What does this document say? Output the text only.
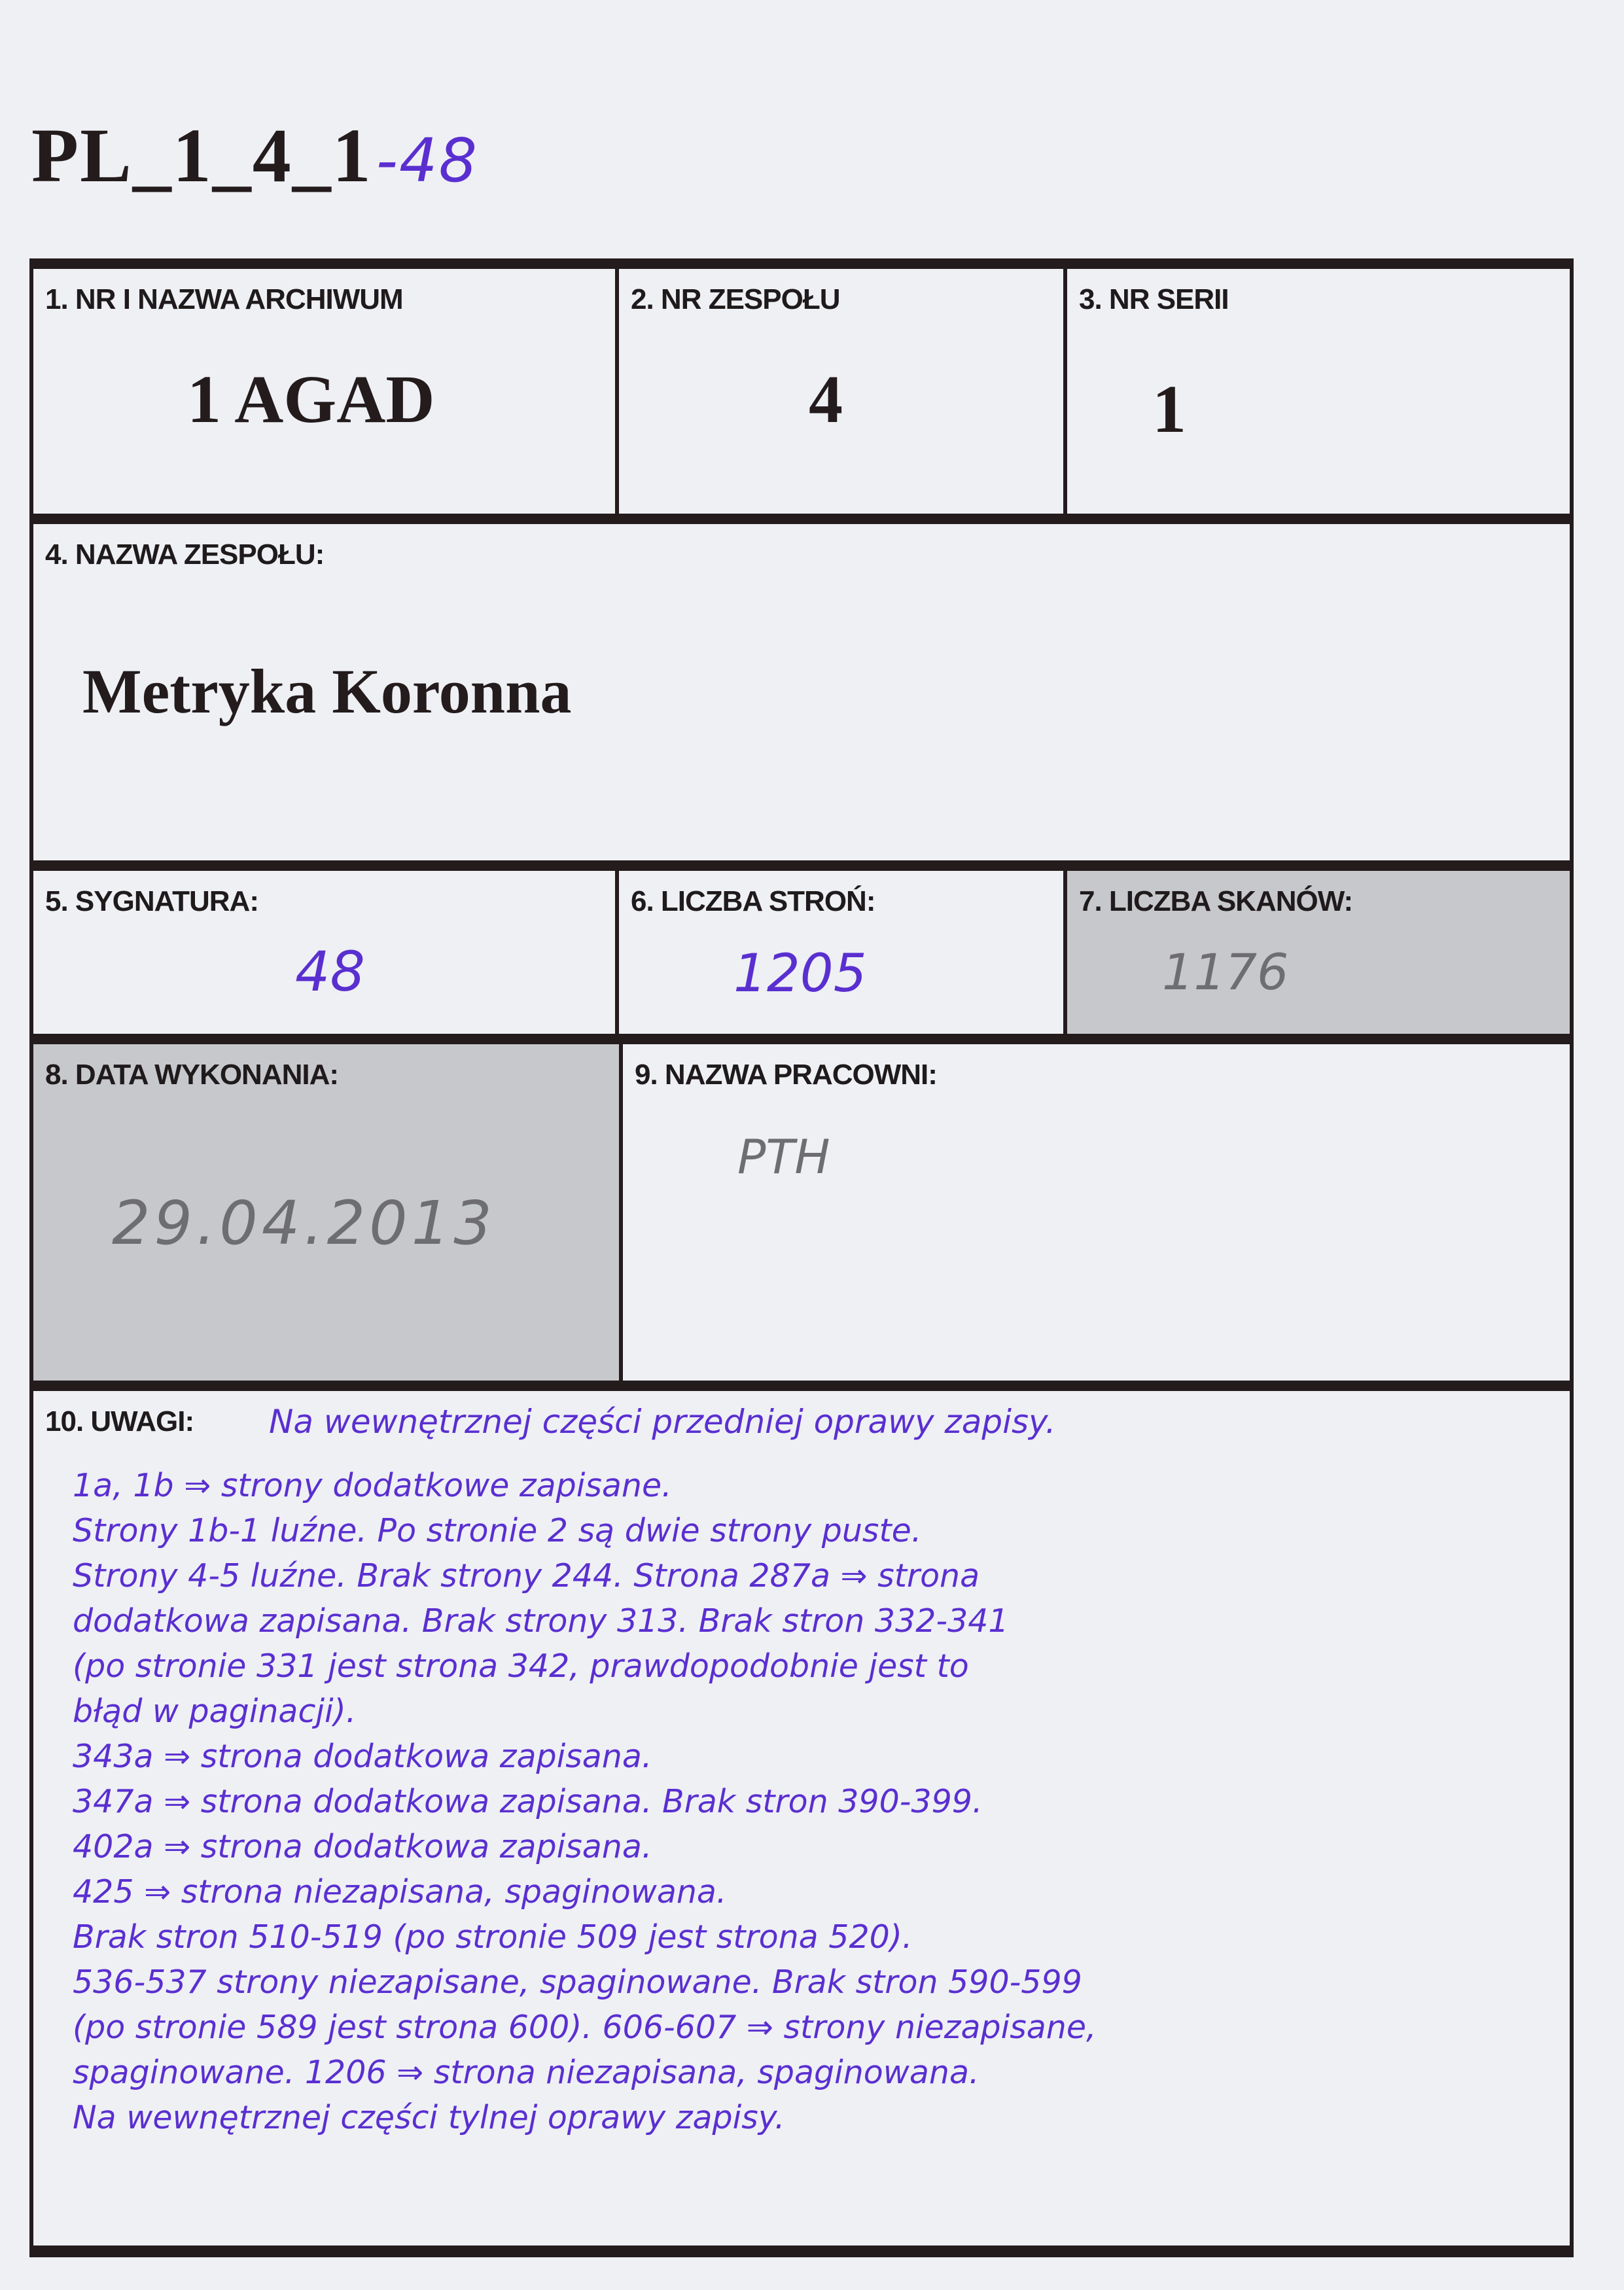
PL_1_4_1-48
1. NR I NAZWA ARCHIWUM
1 AGAD
2. NR ZESPOŁU
4
3. NR SERII
1
4. NAZWA ZESPOŁU:
Metryka Koronna
5. SYGNATURA:
48
6. LICZBA STROŃ:
1205
7. LICZBA SKANÓW:
1176
8. DATA WYKONANIA:
29.04.2013
9. NAZWA PRACOWNI:
PTH
10. UWAGI: Na wewnętrznej części przedniej oprawy zapisy.
1a, 1b ⇒ strony dodatkowe zapisane.
Strony 1b-1 luźne. Po stronie 2 są dwie strony puste.
Strony 4-5 luźne. Brak strony 244. Strona 287a ⇒ strona
dodatkowa zapisana. Brak strony 313. Brak stron 332-341
(po stronie 331 jest strona 342, prawdopodobnie jest to
błąd w paginacji).
343a ⇒ strona dodatkowa zapisana.
347a ⇒ strona dodatkowa zapisana. Brak stron 390-399.
402a ⇒ strona dodatkowa zapisana.
425 ⇒ strona niezapisana, spaginowana.
Brak stron 510-519 (po stronie 509 jest strona 520).
536-537 strony niezapisane, spaginowane. Brak stron 590-599
(po stronie 589 jest strona 600). 606-607 ⇒ strony niezapisane,
spaginowane. 1206 ⇒ strona niezapisana, spaginowana.
Na wewnętrznej części tylnej oprawy zapisy.
